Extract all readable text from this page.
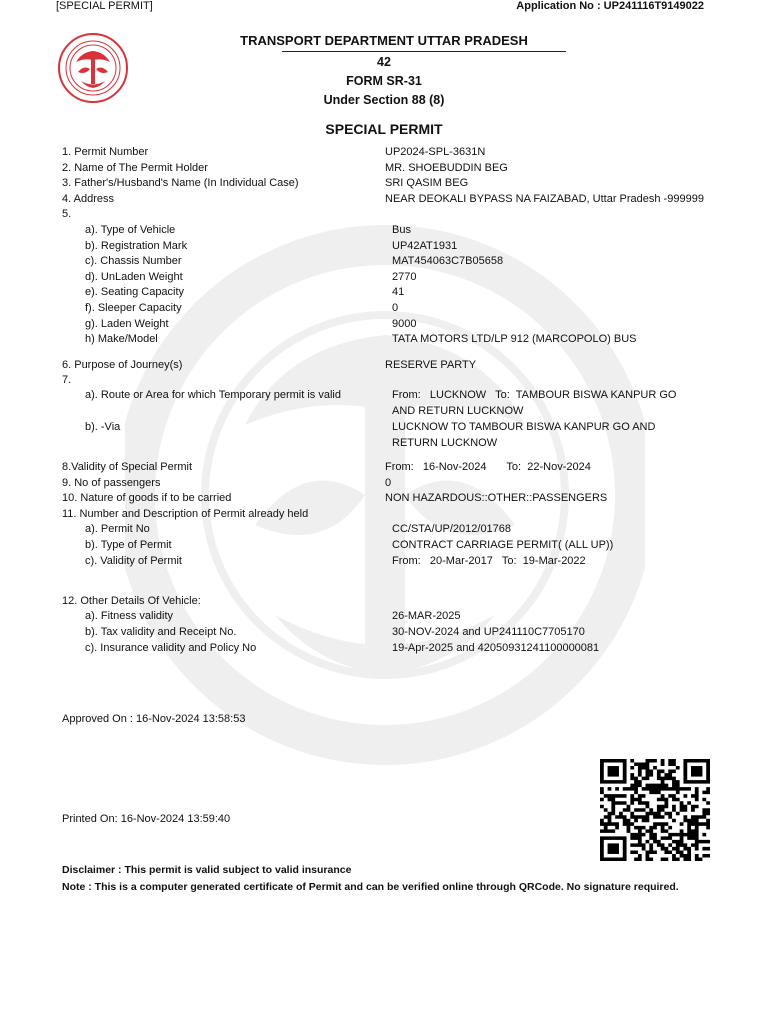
[SPECIAL PERMIT]	Application No : UP241116T9149022
TRANSPORT DEPARTMENT UTTAR PRADESH
42
FORM SR-31
Under Section 88 (8)
SPECIAL PERMIT
1. Permit Number	UP2024-SPL-3631N
2. Name of The Permit Holder	MR. SHOEBUDDIN BEG
3. Father's/Husband's Name (In Individual Case)	SRI QASIM BEG
4. Address	NEAR DEOKALI BYPASS NA FAIZABAD, Uttar Pradesh -999999
5.
a). Type of Vehicle	Bus
b). Registration Mark	UP42AT1931
c). Chassis Number	MAT454063C7B05658
d). UnLaden Weight	2770
e). Seating Capacity	41
f). Sleeper Capacity	0
g). Laden Weight	9000
h) Make/Model	TATA MOTORS LTD/LP 912 (MARCOPOLO) BUS
6. Purpose of Journey(s)	RESERVE PARTY
7.
a). Route or Area for which Temporary permit is valid	From: LUCKNOW To: TAMBOUR BISWA KANPUR GO AND RETURN LUCKNOW
b). -Via	LUCKNOW TO TAMBOUR BISWA KANPUR GO AND RETURN LUCKNOW
8.Validity of Special Permit	From: 16-Nov-2024 To: 22-Nov-2024
9. No of passengers	0
10. Nature of goods if to be carried	NON HAZARDOUS::OTHER::PASSENGERS
11. Number and Description of Permit already held
a). Permit No	CC/STA/UP/2012/01768
b). Type of Permit	CONTRACT CARRIAGE PERMIT( (ALL UP))
c). Validity of Permit	From: 20-Mar-2017 To: 19-Mar-2022
12. Other Details Of Vehicle:
a). Fitness validity	26-MAR-2025
b). Tax validity and Receipt No.	30-NOV-2024 and UP241110C7705170
c). Insurance validity and Policy No	19-Apr-2025 and 42050931241100000081
Approved On : 16-Nov-2024 13:58:53
Printed On: 16-Nov-2024 13:59:40
Disclaimer : This permit is valid subject to valid insurance
Note : This is a computer generated certificate of Permit and can be verified online through QRCode. No signature required.
